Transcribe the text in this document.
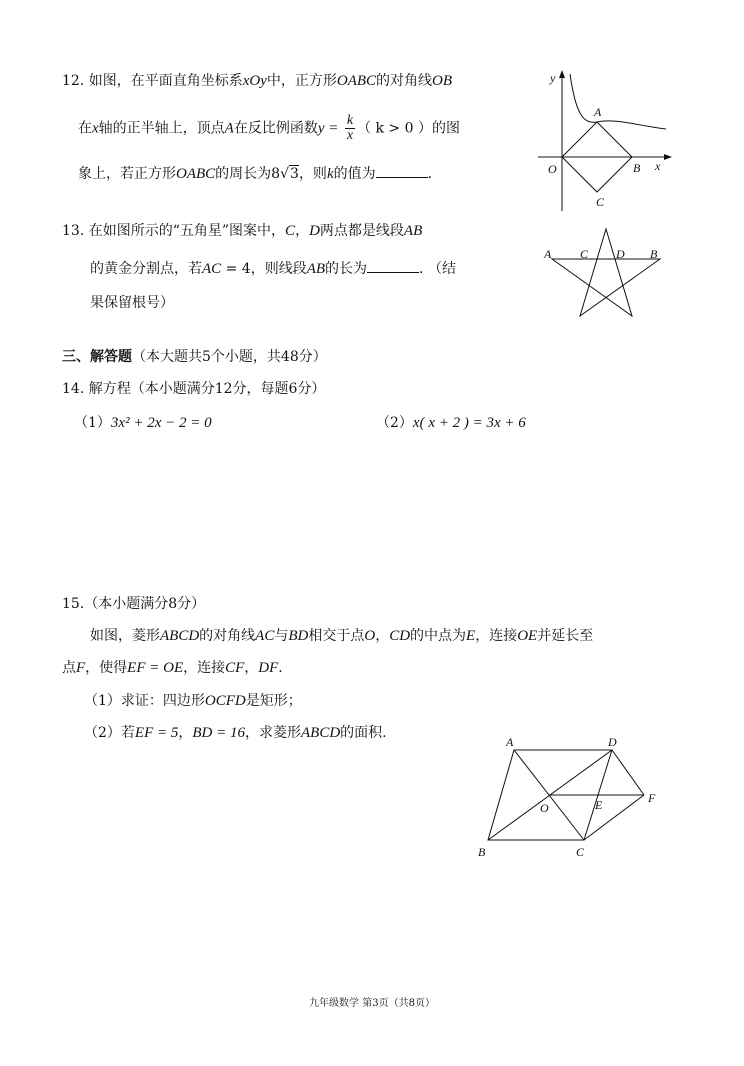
12. 如图，在平面直角坐标系xOy中，正方形OABC的对角线OB
在x轴的正半轴上，顶点A在反比例函数$y = \frac{k}{x}$ （ k > 0 ）的图
象上，若正方形OABC的周长为8√3，则k的值为	.
y
x
A
O	B
C
13. 在如图所示的“五角星”图案中，C，D两点都是线段AB
的黄金分割点，若AC = 4，则线段AB的长为	. （结
果保留根号）
A C D B
三、解答题（本大题共5个小题，共48分）
14. 解方程（本小题满分12分，每题6分）
（1）3x² + 2x − 2 = 0	（2）x( x + 2 ) = 3x + 6
15.（本小题满分8分）
如图，菱形ABCD的对角线AC与BD相交于点O，CD的中点为E，连接OE并延长至
点F，使得EF = OE，连接CF，DF.
（1）求证：四边形OCFD是矩形；
（2）若EF = 5，BD = 16，求菱形ABCD的面积.
A	D
O	E	F
B	C
九年级数学 第3页（共8页）
